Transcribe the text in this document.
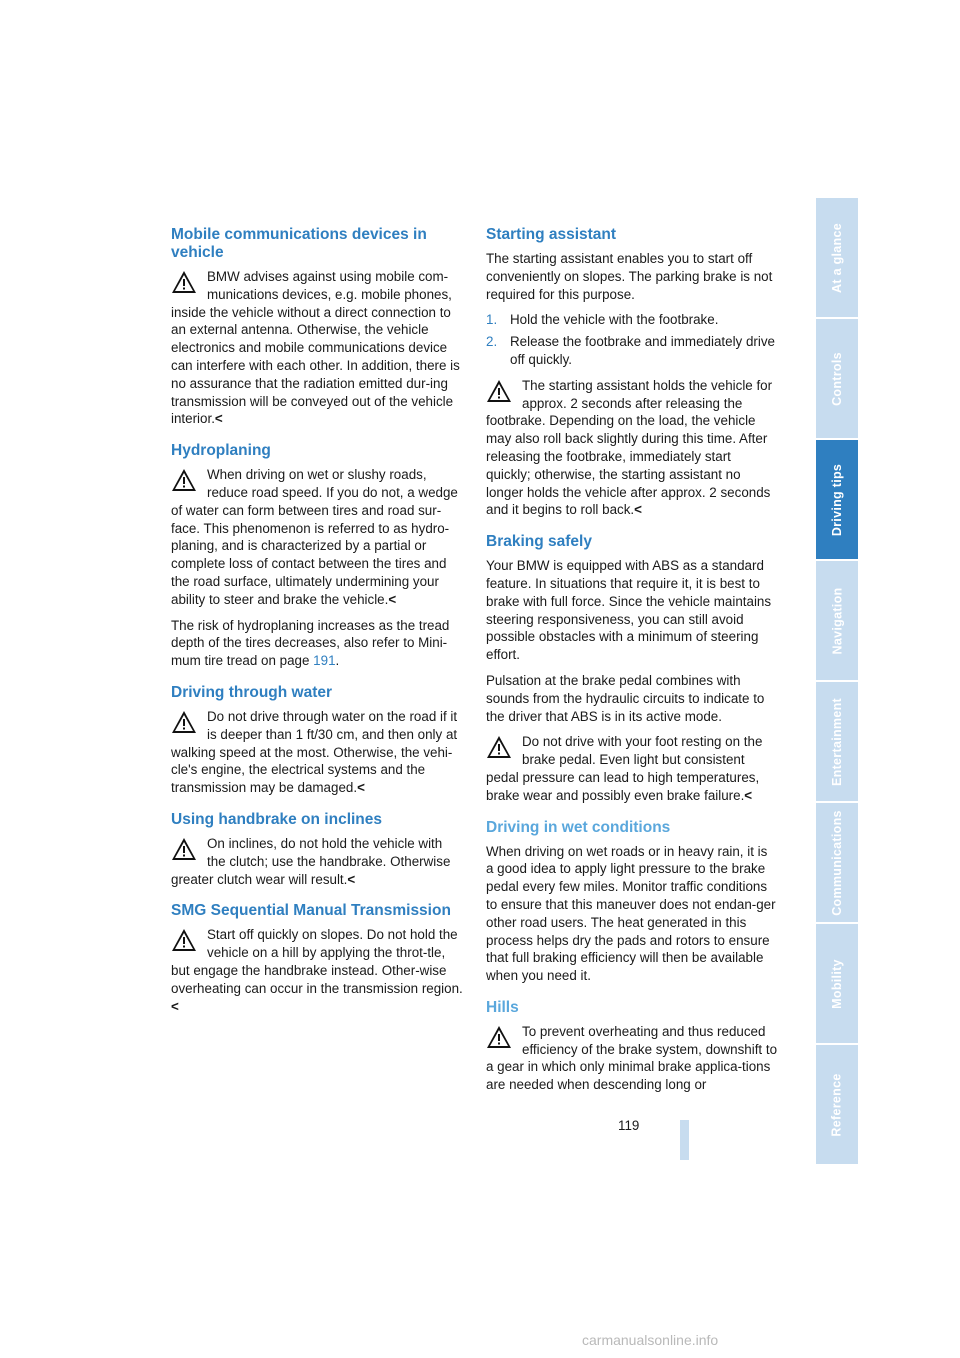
Mobile communications devices in vehicle

BMW advises against using mobile com-munications devices, e.g. mobile phones, inside the vehicle without a direct connection to an external antenna. Otherwise, the vehicle electronics and mobile communications device can interfere with each other. In addition, there is no assurance that the radiation emitted dur-ing transmission will be conveyed out of the vehicle interior.<

Hydroplaning

When driving on wet or slushy roads, reduce road speed. If you do not, a wedge of water can form between tires and road sur-face. This phenomenon is referred to as hydro-planing, and is characterized by a partial or complete loss of contact between the tires and the road surface, ultimately undermining your ability to steer and brake the vehicle.<

The risk of hydroplaning increases as the tread depth of the tires decreases, also refer to Mini-mum tire tread on page 191.

Driving through water

Do not drive through water on the road if it is deeper than 1 ft/30 cm, and then only at walking speed at the most. Otherwise, the vehi-cle's engine, the electrical systems and the transmission may be damaged.<

Using handbrake on inclines

On inclines, do not hold the vehicle with the clutch; use the handbrake. Otherwise greater clutch wear will result.<

SMG Sequential Manual Transmission

Start off quickly on slopes. Do not hold the vehicle on a hill by applying the throt-tle, but engage the handbrake instead. Other-wise overheating can occur in the transmission region.<

Starting assistant

The starting assistant enables you to start off conveniently on slopes. The parking brake is not required for this purpose.

1. Hold the vehicle with the footbrake.
2. Release the footbrake and immediately drive off quickly.

The starting assistant holds the vehicle for approx. 2 seconds after releasing the footbrake. Depending on the load, the vehicle may also roll back slightly during this time. After releasing the footbrake, immediately start quickly; otherwise, the starting assistant no longer holds the vehicle after approx. 2 seconds and it begins to roll back.<

Braking safely

Your BMW is equipped with ABS as a standard feature. In situations that require it, it is best to brake with full force. Since the vehicle maintains steering responsiveness, you can still avoid possible obstacles with a minimum of steering effort.

Pulsation at the brake pedal combines with sounds from the hydraulic circuits to indicate to the driver that ABS is in its active mode.

Do not drive with your foot resting on the brake pedal. Even light but consistent pedal pressure can lead to high temperatures, brake wear and possibly even brake failure.<

Driving in wet conditions

When driving on wet roads or in heavy rain, it is a good idea to apply light pressure to the brake pedal every few miles. Monitor traffic conditions to ensure that this maneuver does not endan-ger other road users. The heat generated in this process helps dry the pads and rotors to ensure that full braking efficiency will then be available when you need it.

Hills

To prevent overheating and thus reduced efficiency of the brake system, downshift to a gear in which only minimal brake applica-tions are needed when descending long or

119
At a glance
Controls
Driving tips
Navigation
Entertainment
Communications
Mobility
Reference
carmanualsonline.info
